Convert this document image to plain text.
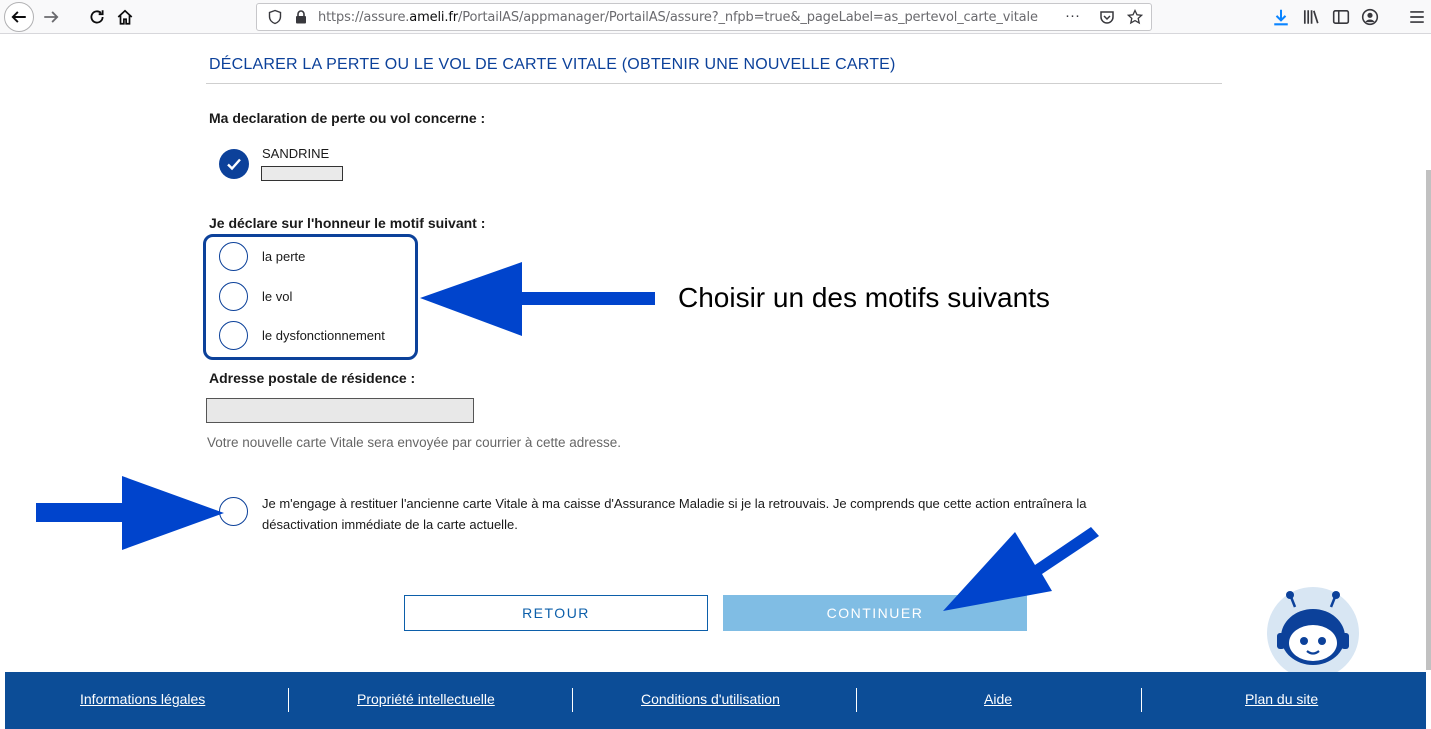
https://assure.ameli.fr/PortailAS/appmanager/PortailAS/assure?_nfpb=true&_pageLabel=as_pertevol_carte_vitale ···
DÉCLARER LA PERTE OU LE VOL DE CARTE VITALE (OBTENIR UNE NOUVELLE CARTE)
Ma declaration de perte ou vol concerne :
SANDRINE
Je déclare sur l'honneur le motif suivant :
la perte
le vol
le dysfonctionnement
Adresse postale de résidence :
Votre nouvelle carte Vitale sera envoyée par courrier à cette adresse.
Je m'engage à restituer l'ancienne carte Vitale à ma caisse d'Assurance Maladie si je la retrouvais. Je comprends que cette action entraînera la désactivation immédiate de la carte actuelle.
RETOUR	CONTINUER
Choisir un des motifs suivants
Informations légales	Propriété intellectuelle	Conditions d'utilisation	Aide	Plan du site
